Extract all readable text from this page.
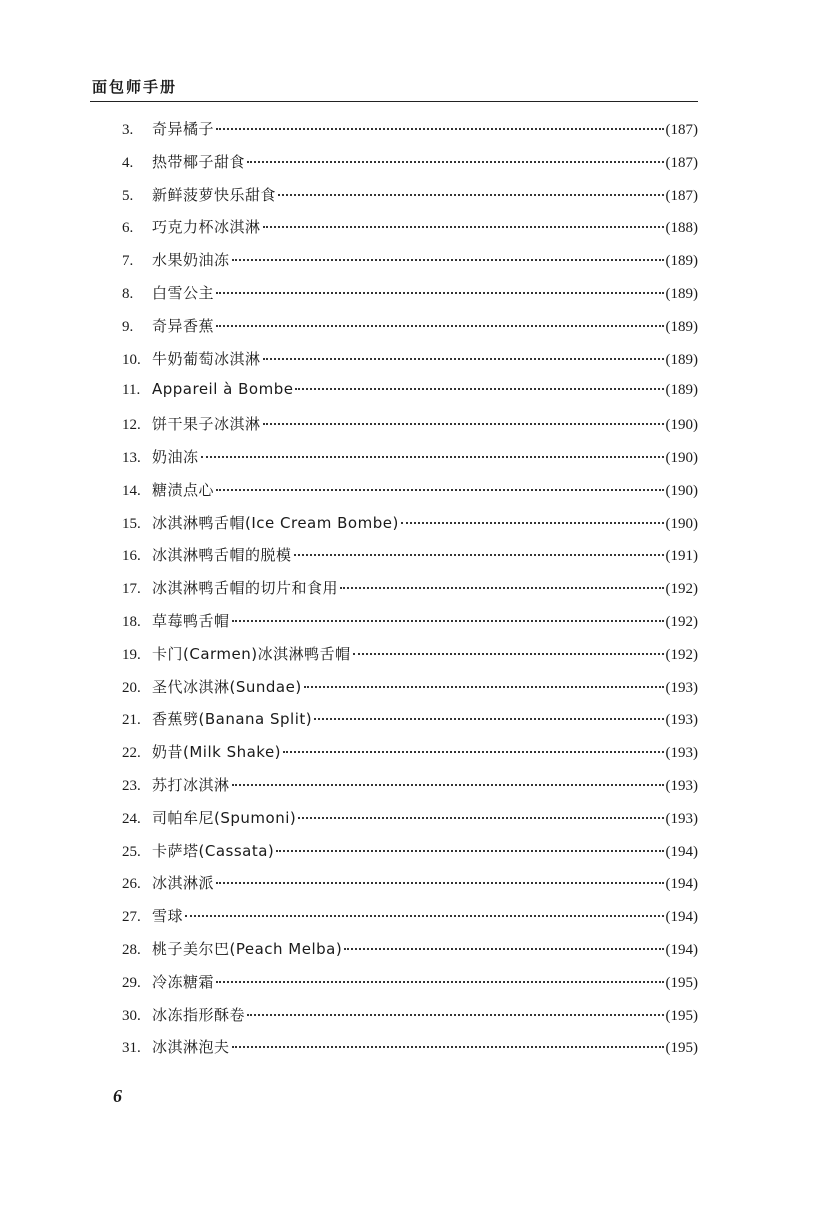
面包师手册
3.	奇异橘子	(187)
4.	热带椰子甜食	(187)
5.	新鲜菠萝快乐甜食	(187)
6.	巧克力杯冰淇淋	(188)
7.	水果奶油冻	(189)
8.	白雪公主	(189)
9.	奇异香蕉	(189)
10. 牛奶葡萄冰淇淋	(189)
11. Appareil à Bombe	(189)
12. 饼干果子冰淇淋	(190)
13. 奶油冻	(190)
14. 糖渍点心	(190)
15. 冰淇淋鸭舌帽(Ice Cream Bombe)	(190)
16. 冰淇淋鸭舌帽的脱模	(191)
17. 冰淇淋鸭舌帽的切片和食用	(192)
18. 草莓鸭舌帽	(192)
19. 卡门(Carmen)冰淇淋鸭舌帽	(192)
20. 圣代冰淇淋(Sundae)	(193)
21. 香蕉劈(Banana Split)	(193)
22. 奶昔(Milk Shake)	(193)
23. 苏打冰淇淋	(193)
24. 司帕牟尼(Spumoni)	(193)
25. 卡萨塔(Cassata)	(194)
26. 冰淇淋派	(194)
27. 雪球	(194)
28. 桃子美尔巴(Peach Melba)	(194)
29. 冷冻糖霜	(195)
30. 冰冻指形酥卷	(195)
31. 冰淇淋泡夫	(195)
6
